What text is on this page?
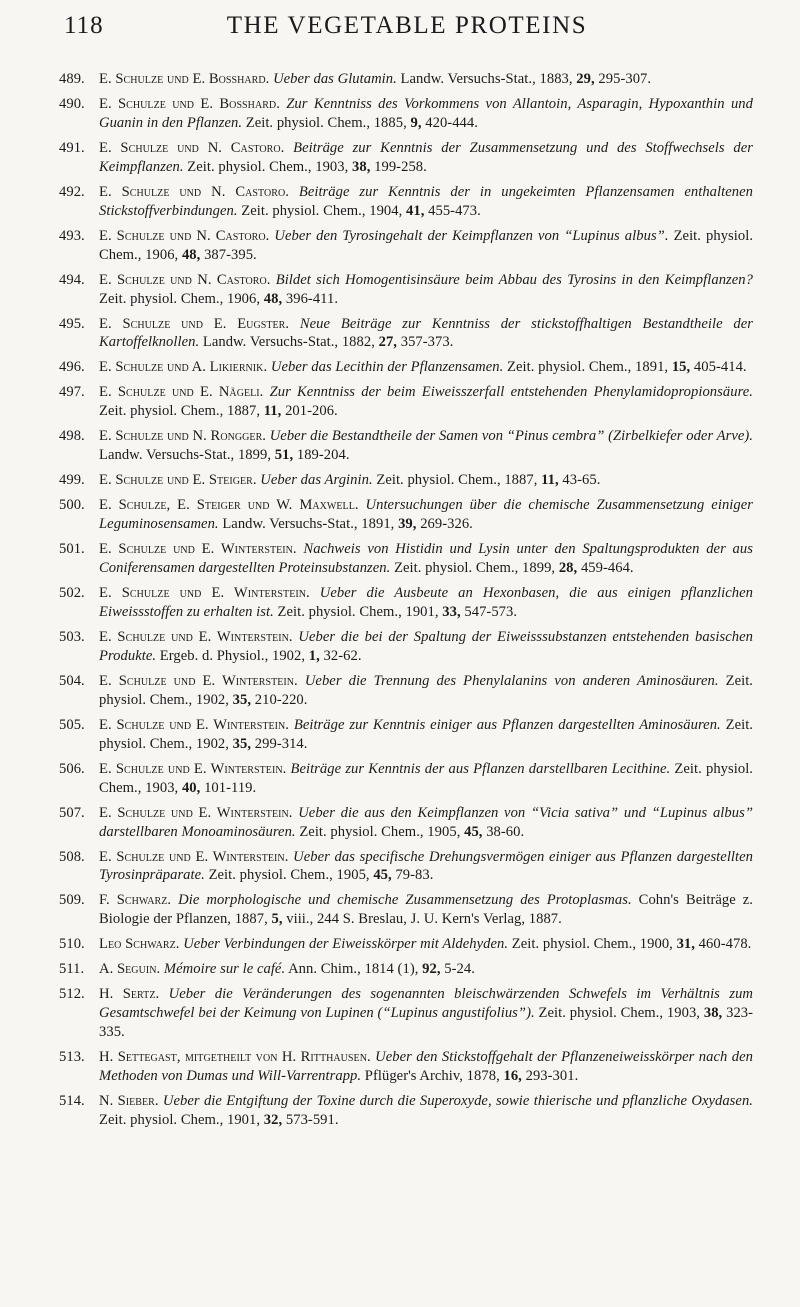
118	THE VEGETABLE PROTEINS
489. E. Schulze und E. Bosshard. Ueber das Glutamin. Landw. Versuchs-Stat., 1883, 29, 295-307.
490. E. Schulze und E. Bosshard. Zur Kenntniss des Vorkommens von Allantoin, Asparagin, Hypoxanthin und Guanin in den Pflanzen. Zeit. physiol. Chem., 1885, 9, 420-444.
491. E. Schulze und N. Castoro. Beiträge zur Kenntnis der Zusammensetzung und des Stoffwechsels der Keimpflanzen. Zeit. physiol. Chem., 1903, 38, 199-258.
492. E. Schulze und N. Castoro. Beiträge zur Kenntnis der in ungekeimten Pflanzensamen enthaltenen Stickstoffverbindungen. Zeit. physiol. Chem., 1904, 41, 455-473.
493. E. Schulze und N. Castoro. Ueber den Tyrosingehalt der Keimpflanzen von “Lupinus albus”. Zeit. physiol. Chem., 1906, 48, 387-395.
494. E. Schulze und N. Castoro. Bildet sich Homogentisinsäure beim Abbau des Tyrosins in den Keimpflanzen? Zeit. physiol. Chem., 1906, 48, 396-411.
495. E. Schulze und E. Eugster. Neue Beiträge zur Kenntniss der stickstoffhaltigen Bestandtheile der Kartoffelknollen. Landw. Versuchs-Stat., 1882, 27, 357-373.
496. E. Schulze und A. Likiernik. Ueber das Lecithin der Pflanzensamen. Zeit. physiol. Chem., 1891, 15, 405-414.
497. E. Schulze und E. Nägeli. Zur Kenntniss der beim Eiweisszerfall entstehenden Phenylamidopropionsäure. Zeit. physiol. Chem., 1887, 11, 201-206.
498. E. Schulze und N. Rongger. Ueber die Bestandtheile der Samen von “Pinus cembra” (Zirbelkiefer oder Arve). Landw. Versuchs-Stat., 1899, 51, 189-204.
499. E. Schulze und E. Steiger. Ueber das Arginin. Zeit. physiol. Chem., 1887, 11, 43-65.
500. E. Schulze, E. Steiger und W. Maxwell. Untersuchungen über die chemische Zusammensetzung einiger Leguminosensamen. Landw. Versuchs-Stat., 1891, 39, 269-326.
501. E. Schulze und E. Winterstein. Nachweis von Histidin und Lysin unter den Spaltungsprodukten der aus Coniferensamen dargestellten Proteinsubstanzen. Zeit. physiol. Chem., 1899, 28, 459-464.
502. E. Schulze und E. Winterstein. Ueber die Ausbeute an Hexonbasen, die aus einigen pflanzlichen Eiweissstoffen zu erhalten ist. Zeit. physiol. Chem., 1901, 33, 547-573.
503. E. Schulze und E. Winterstein. Ueber die bei der Spaltung der Eiweisssubstanzen entstehenden basischen Produkte. Ergeb. d. Physiol., 1902, 1, 32-62.
504. E. Schulze und E. Winterstein. Ueber die Trennung des Phenylalanins von anderen Aminosäuren. Zeit. physiol. Chem., 1902, 35, 210-220.
505. E. Schulze und E. Winterstein. Beiträge zur Kenntnis einiger aus Pflanzen dargestellten Aminosäuren. Zeit. physiol. Chem., 1902, 35, 299-314.
506. E. Schulze und E. Winterstein. Beiträge zur Kenntnis der aus Pflanzen darstellbaren Lecithine. Zeit. physiol. Chem., 1903, 40, 101-119.
507. E. Schulze und E. Winterstein. Ueber die aus den Keimpflanzen von “Vicia sativa” und “Lupinus albus” darstellbaren Monoaminosäuren. Zeit. physiol. Chem., 1905, 45, 38-60.
508. E. Schulze und E. Winterstein. Ueber das specifische Drehungsvermögen einiger aus Pflanzen dargestellten Tyrosinpräparate. Zeit. physiol. Chem., 1905, 45, 79-83.
509. F. Schwarz. Die morphologische und chemische Zusammensetzung des Protoplasmas. Cohn's Beiträge z. Biologie der Pflanzen, 1887, 5, viii., 244 S. Breslau, J. U. Kern's Verlag, 1887.
510. Leo Schwarz. Ueber Verbindungen der Eiweisskörper mit Aldehyden. Zeit. physiol. Chem., 1900, 31, 460-478.
511. A. Seguin. Mémoire sur le café. Ann. Chim., 1814 (1), 92, 5-24.
512. H. Sertz. Ueber die Veränderungen des sogenannten bleischwärzenden Schwefels im Verhältnis zum Gesamtschwefel bei der Keimung von Lupinen (“Lupinus angustifolius”). Zeit. physiol. Chem., 1903, 38, 323-335.
513. H. Settegast, mitgetheilt von H. Ritthausen. Ueber den Stickstoffgehalt der Pflanzeneiweisskörper nach den Methoden von Dumas und Will-Varrentrapp. Pflüger's Archiv, 1878, 16, 293-301.
514. N. Sieber. Ueber die Entgiftung der Toxine durch die Superoxyde, sowie thierische und pflanzliche Oxydasen. Zeit. physiol. Chem., 1901, 32, 573-591.
